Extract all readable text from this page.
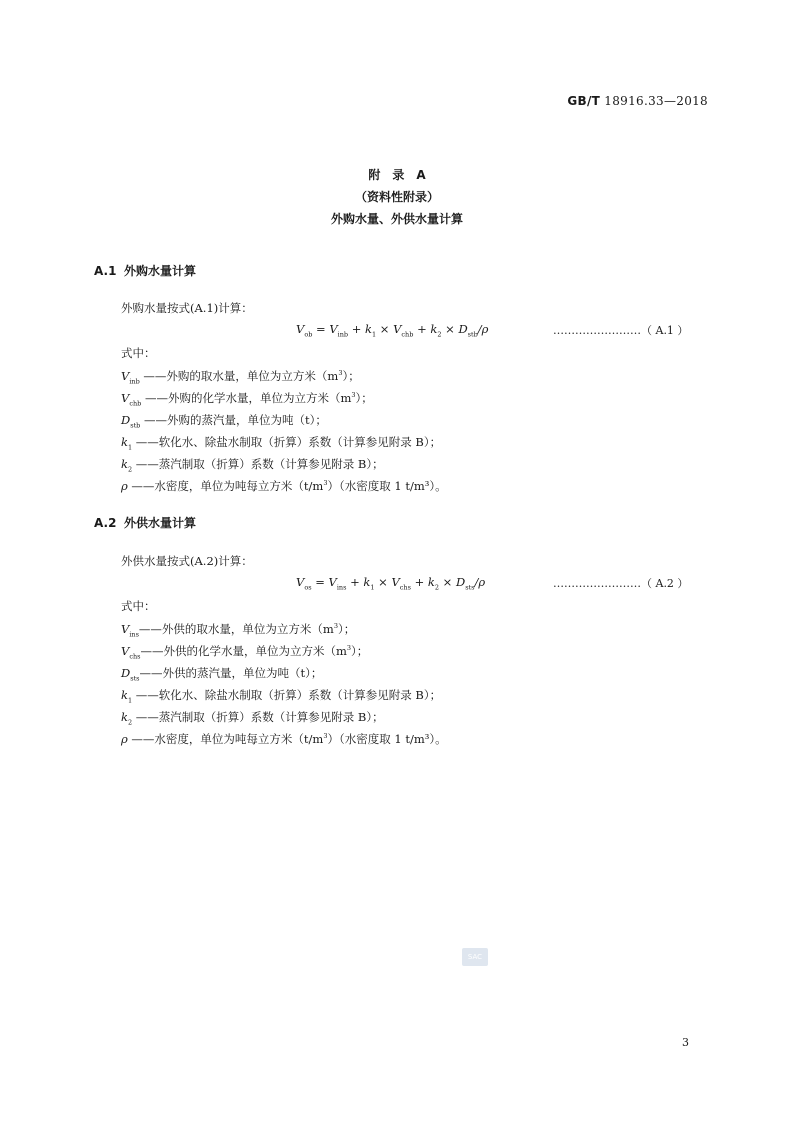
GB/T 18916.33—2018
附　录　A
（资料性附录）
外购水量、外供水量计算
A.1 外购水量计算
外购水量按式(A.1)计算：
$V_{ob} = V_{inb} + k_1 \times V_{chb} + k_2 \times D_{stb}/\rho$	……………………（ A.1 ）
式中：
$V_{inb}$ ——外购的取水量，单位为立方米$(m^3)$；
$V_{chb}$ ——外购的化学水量，单位为立方米$(m^3)$；
$D_{stb}$ ——外购的蒸汽量，单位为吨（t）；
$k_1$ ——软化水、除盐水制取（折算）系数（计算参见附录 B）；
$k_2$ ——蒸汽制取（折算）系数（计算参见附录 B）；
ρ ——水密度，单位为吨每立方米$(t/m^3)$（水密度取 1 t/m³）。
A.2 外供水量计算
外供水量按式(A.2)计算：
$V_{os} = V_{ins} + k_1 \times V_{chs} + k_2 \times D_{sts}/\rho$	……………………（ A.2 ）
式中：
$V_{ins}——$外供的取水量，单位为立方米$(m^3)$；
$V_{chs}——$外供的化学水量，单位为立方米$(m^3)$；
$D_{sts}——$外供的蒸汽量，单位为吨（t）；
$k_1$ ——软化水、除盐水制取（折算）系数（计算参见附录 B）；
$k_2$ ——蒸汽制取（折算）系数（计算参见附录 B）；
ρ ——水密度，单位为吨每立方米$(t/m^3)$（水密度取 1 t/m³）。
SAC
3
